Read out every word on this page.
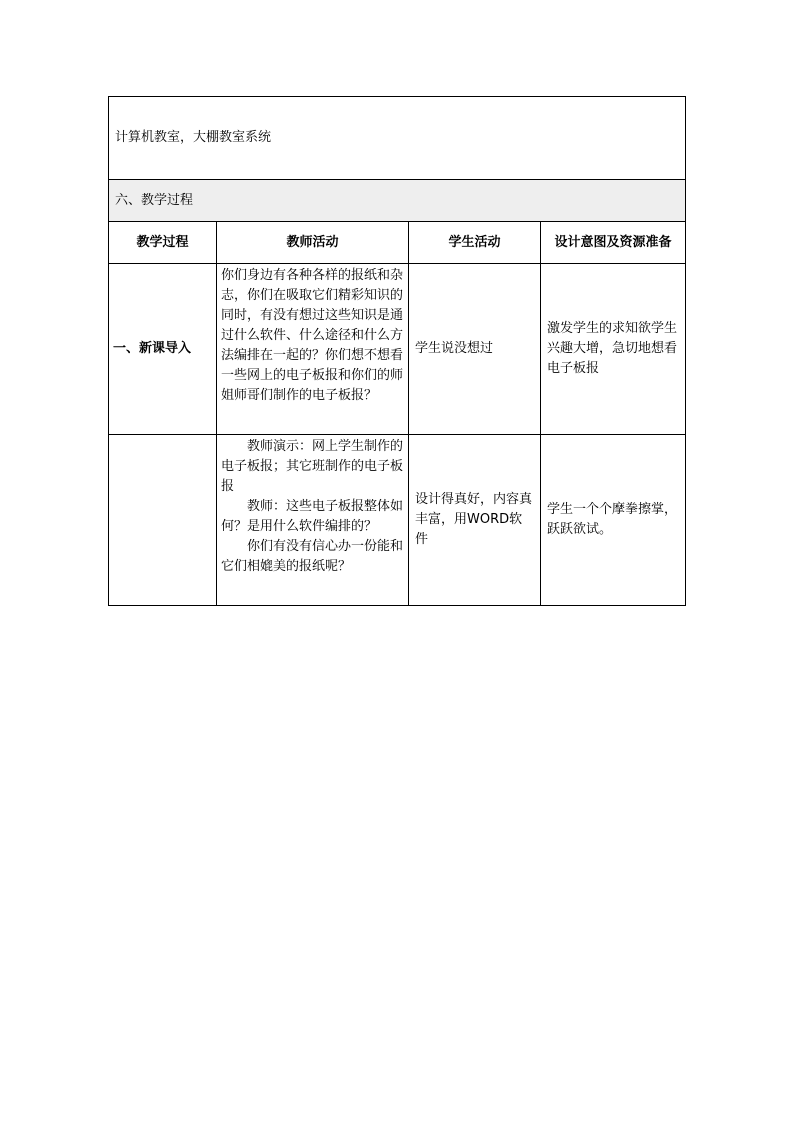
计算机教室，大棚教室系统			
六、教学过程			
教学过程	教师活动	学生活动	设计意图及资源准备
一、新课导入	你们身边有各种各样的报纸和杂志，你们在吸取它们精彩知识的同时，有没有想过这些知识是通过什么软件、什么途径和什么方法编排在一起的？你们想不想看一些网上的电子板报和你们的师姐师哥们制作的电子板报？	学生说没想过	激发学生的求知欲学生兴趣大增，急切地想看电子板报

	教师演示：网上学生制作的电子板报；其它班制作的电子板报

教师：这些电子板报整体如何？是用什么软件编排的？

你们有没有信心办一份能和它们相媲美的报纸呢？	设计得真好，内容真丰富，用WORD软件	学生一个个摩拳擦掌，跃跃欲试。
